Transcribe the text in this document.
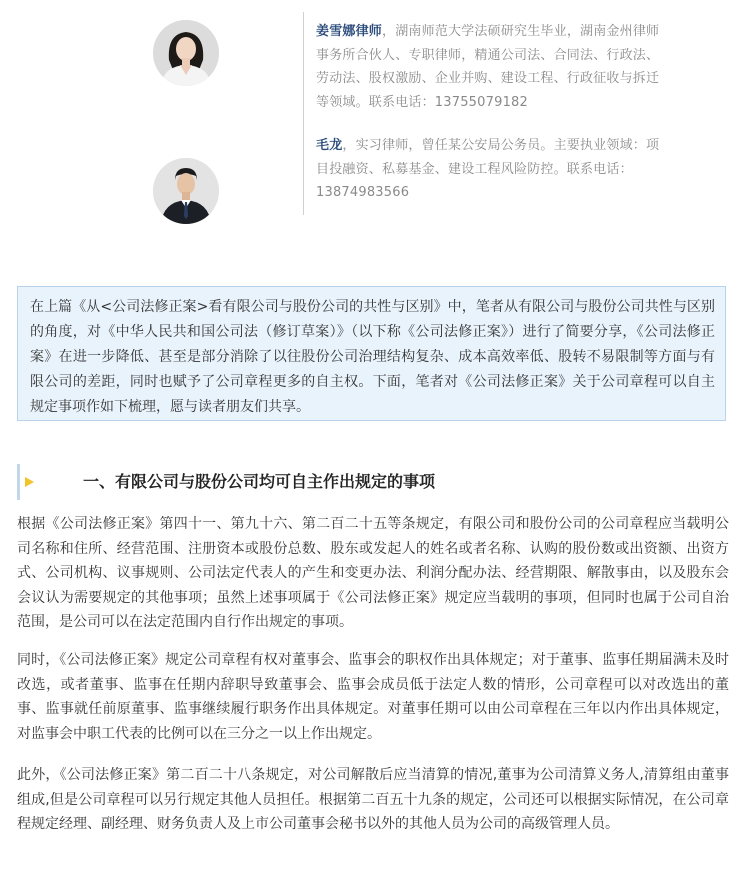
姜雪娜律师，湖南师范大学法硕研究生毕业，湖南金州律师事务所合伙人、专职律师，精通公司法、合同法、行政法、劳动法、股权激励、企业并购、建设工程、行政征收与拆迁等领域。联系电话：13755079182
毛龙，实习律师，曾任某公安局公务员。主要执业领域：项目投融资、私募基金、建设工程风险防控。联系电话：13874983566
在上篇《从<公司法修正案>看有限公司与股份公司的共性与区别》中，笔者从有限公司与股份公司共性与区别的角度，对《中华人民共和国公司法（修订草案）》（以下称《公司法修正案》）进行了简要分享，《公司法修正案》在进一步降低、甚至是部分消除了以往股份公司治理结构复杂、成本高效率低、股转不易限制等方面与有限公司的差距，同时也赋予了公司章程更多的自主权。下面，笔者对《公司法修正案》关于公司章程可以自主规定事项作如下梳理，愿与读者朋友们共享。
一、有限公司与股份公司均可自主作出规定的事项
根据《公司法修正案》第四十一、第九十六、第二百二十五等条规定，有限公司和股份公司的公司章程应当载明公司名称和住所、经营范围、注册资本或股份总数、股东或发起人的姓名或者名称、认购的股份数或出资额、出资方式、公司机构、议事规则、公司法定代表人的产生和变更办法、利润分配办法、经营期限、解散事由，以及股东会会议认为需要规定的其他事项；虽然上述事项属于《公司法修正案》规定应当载明的事项，但同时也属于公司自治范围，是公司可以在法定范围内自行作出规定的事项。
同时，《公司法修正案》规定公司章程有权对董事会、监事会的职权作出具体规定；对于董事、监事任期届满未及时改选，或者董事、监事在任期内辞职导致董事会、监事会成员低于法定人数的情形，公司章程可以对改选出的董事、监事就任前原董事、监事继续履行职务作出具体规定。对董事任期可以由公司章程在三年以内作出具体规定，对监事会中职工代表的比例可以在三分之一以上作出规定。
此外，《公司法修正案》第二百二十八条规定，对公司解散后应当清算的情况,董事为公司清算义务人,清算组由董事组成,但是公司章程可以另行规定其他人员担任。根据第二百五十九条的规定，公司还可以根据实际情况，在公司章程规定经理、副经理、财务负责人及上市公司董事会秘书以外的其他人员为公司的高级管理人员。
